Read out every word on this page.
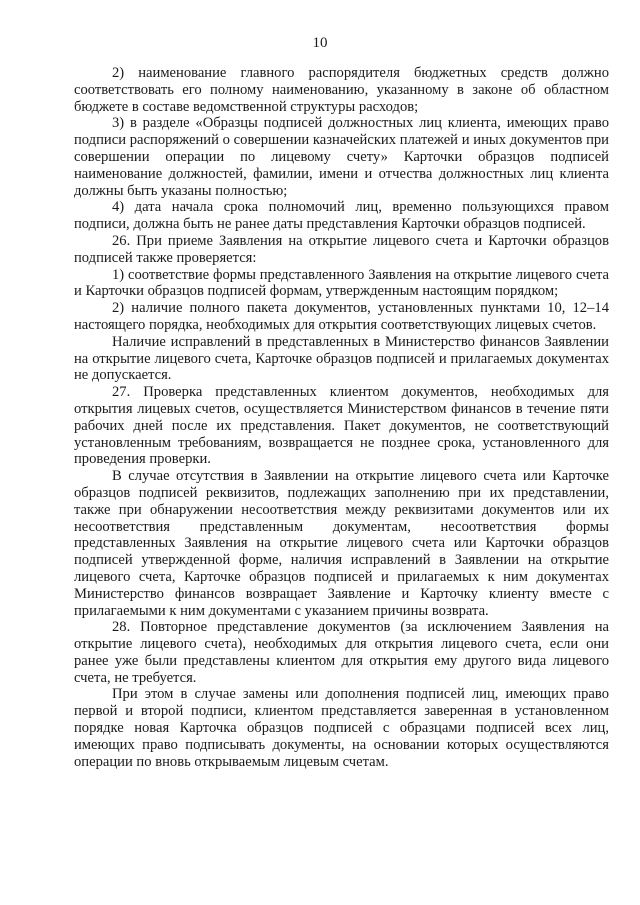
10

2) наименование главного распорядителя бюджетных средств должно соответствовать его полному наименованию, указанному в законе об областном бюджете в составе ведомственной структуры расходов;

3) в разделе «Образцы подписей должностных лиц клиента, имеющих право подписи распоряжений о совершении казначейских платежей и иных документов при совершении операции по лицевому счету» Карточки образцов подписей наименование должностей, фамилии, имени и отчества должностных лиц клиента должны быть указаны полностью;

4) дата начала срока полномочий лиц, временно пользующихся правом подписи, должна быть не ранее даты представления Карточки образцов подписей.

26. При приеме Заявления на открытие лицевого счета и Карточки образцов подписей также проверяется:

1) соответствие формы представленного Заявления на открытие лицевого счета и Карточки образцов подписей формам, утвержденным настоящим порядком;

2) наличие полного пакета документов, установленных пунктами 10, 12–14 настоящего порядка, необходимых для открытия соответствующих лицевых счетов.

Наличие исправлений в представленных в Министерство финансов Заявлении на открытие лицевого счета, Карточке образцов подписей и прилагаемых документах не допускается.

27. Проверка представленных клиентом документов, необходимых для открытия лицевых счетов, осуществляется Министерством финансов в течение пяти рабочих дней после их представления. Пакет документов, не соответствующий установленным требованиям, возвращается не позднее срока, установленного для проведения проверки.

В случае отсутствия в Заявлении на открытие лицевого счета или Карточке образцов подписей реквизитов, подлежащих заполнению при их представлении, также при обнаружении несоответствия между реквизитами документов или их несоответствия представленным документам, несоответствия формы представленных Заявления на открытие лицевого счета или Карточки образцов подписей утвержденной форме, наличия исправлений в Заявлении на открытие лицевого счета, Карточке образцов подписей и прилагаемых к ним документах Министерство финансов возвращает Заявление и Карточку клиенту вместе с прилагаемыми к ним документами с указанием причины возврата.

28. Повторное представление документов (за исключением Заявления на открытие лицевого счета), необходимых для открытия лицевого счета, если они ранее уже были представлены клиентом для открытия ему другого вида лицевого счета, не требуется.

При этом в случае замены или дополнения подписей лиц, имеющих право первой и второй подписи, клиентом представляется заверенная в установленном порядке новая Карточка образцов подписей с образцами подписей всех лиц, имеющих право подписывать документы, на основании которых осуществляются операции по вновь открываемым лицевым счетам.
